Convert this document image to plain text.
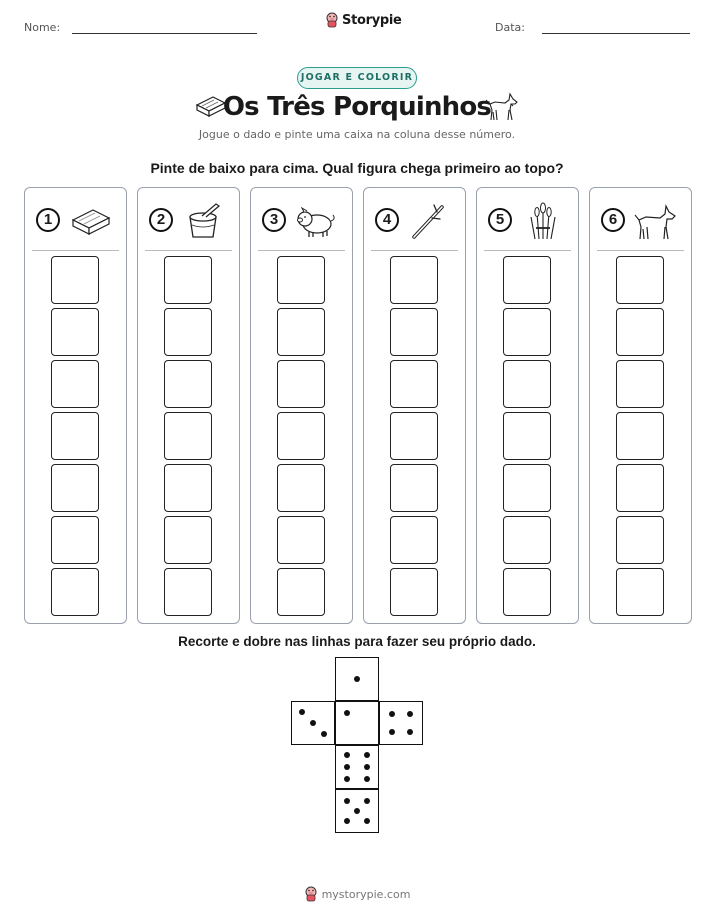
Nome:	Storypie	Data:
JOGAR E COLORIR
Os Três Porquinhos
Jogue o dado e pinte uma caixa na coluna desse número.
Pinte de baixo para cima. Qual figura chega primeiro ao topo?
1	2	3	4	5	6
Recorte e dobre nas linhas para fazer seu próprio dado.
mystorypie.com
